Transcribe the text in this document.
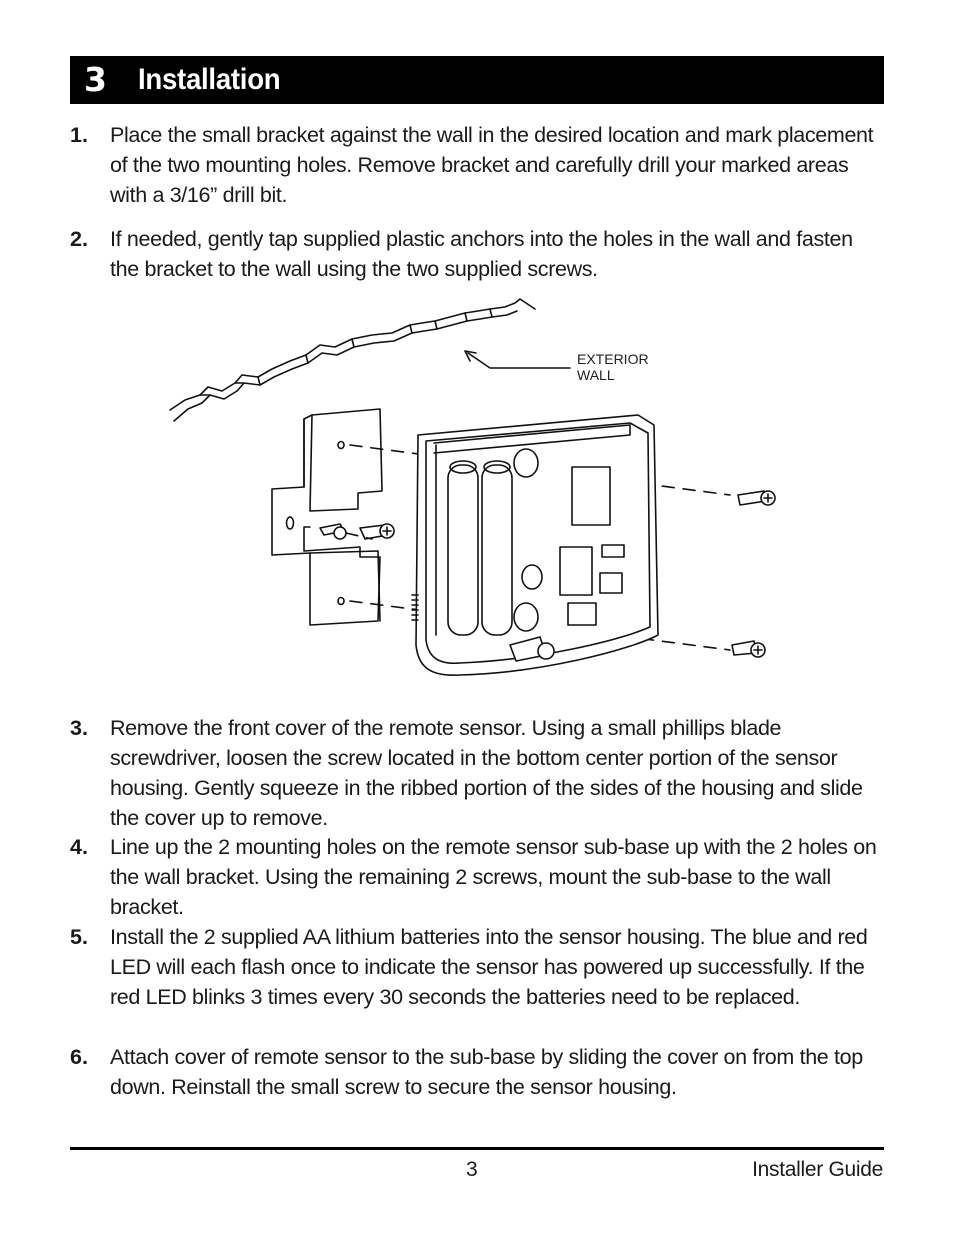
3 Installation
1. Place the small bracket against the wall in the desired location and mark placement of the two mounting holes. Remove bracket and carefully drill your marked areas with a 3/16” drill bit.
2. If needed, gently tap supplied plastic anchors into the holes in the wall and fasten the bracket to the wall using the two supplied screws.
EXTERIOR
WALL
3. Remove the front cover of the remote sensor. Using a small phillips blade screwdriver, loosen the screw located in the bottom center portion of the sensor housing. Gently squeeze in the ribbed portion of the sides of the housing and slide the cover up to remove.
4. Line up the 2 mounting holes on the remote sensor sub-base up with the 2 holes on the wall bracket. Using the remaining 2 screws, mount the sub-base to the wall bracket.
5. Install the 2 supplied AA lithium batteries into the sensor housing. The blue and red LED will each flash once to indicate the sensor has powered up successfully. If the red LED blinks 3 times every 30 seconds the batteries need to be replaced.
6. Attach cover of remote sensor to the sub-base by sliding the cover on from the top down. Reinstall the small screw to secure the sensor housing.
3	Installer Guide
